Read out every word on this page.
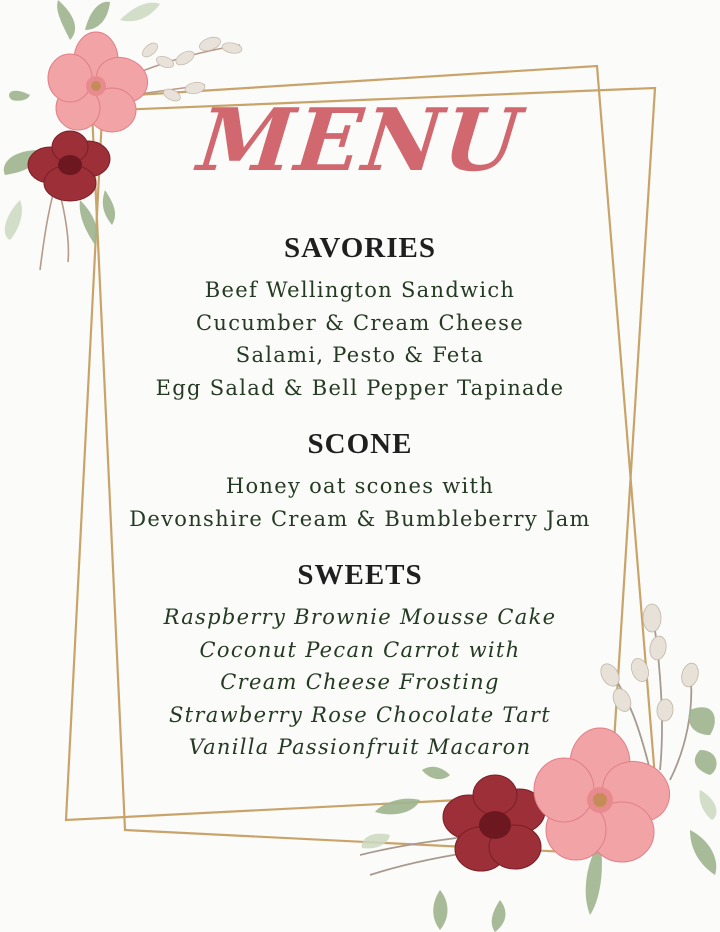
MENU
SAVORIES
Beef Wellington Sandwich
Cucumber & Cream Cheese
Salami, Pesto & Feta
Egg Salad & Bell Pepper Tapinade
SCONE
Honey oat scones with
Devonshire Cream & Bumbleberry Jam
SWEETS
Raspberry Brownie Mousse Cake
Coconut Pecan Carrot with
Cream Cheese Frosting
Strawberry Rose Chocolate Tart
Vanilla Passionfruit Macaron
